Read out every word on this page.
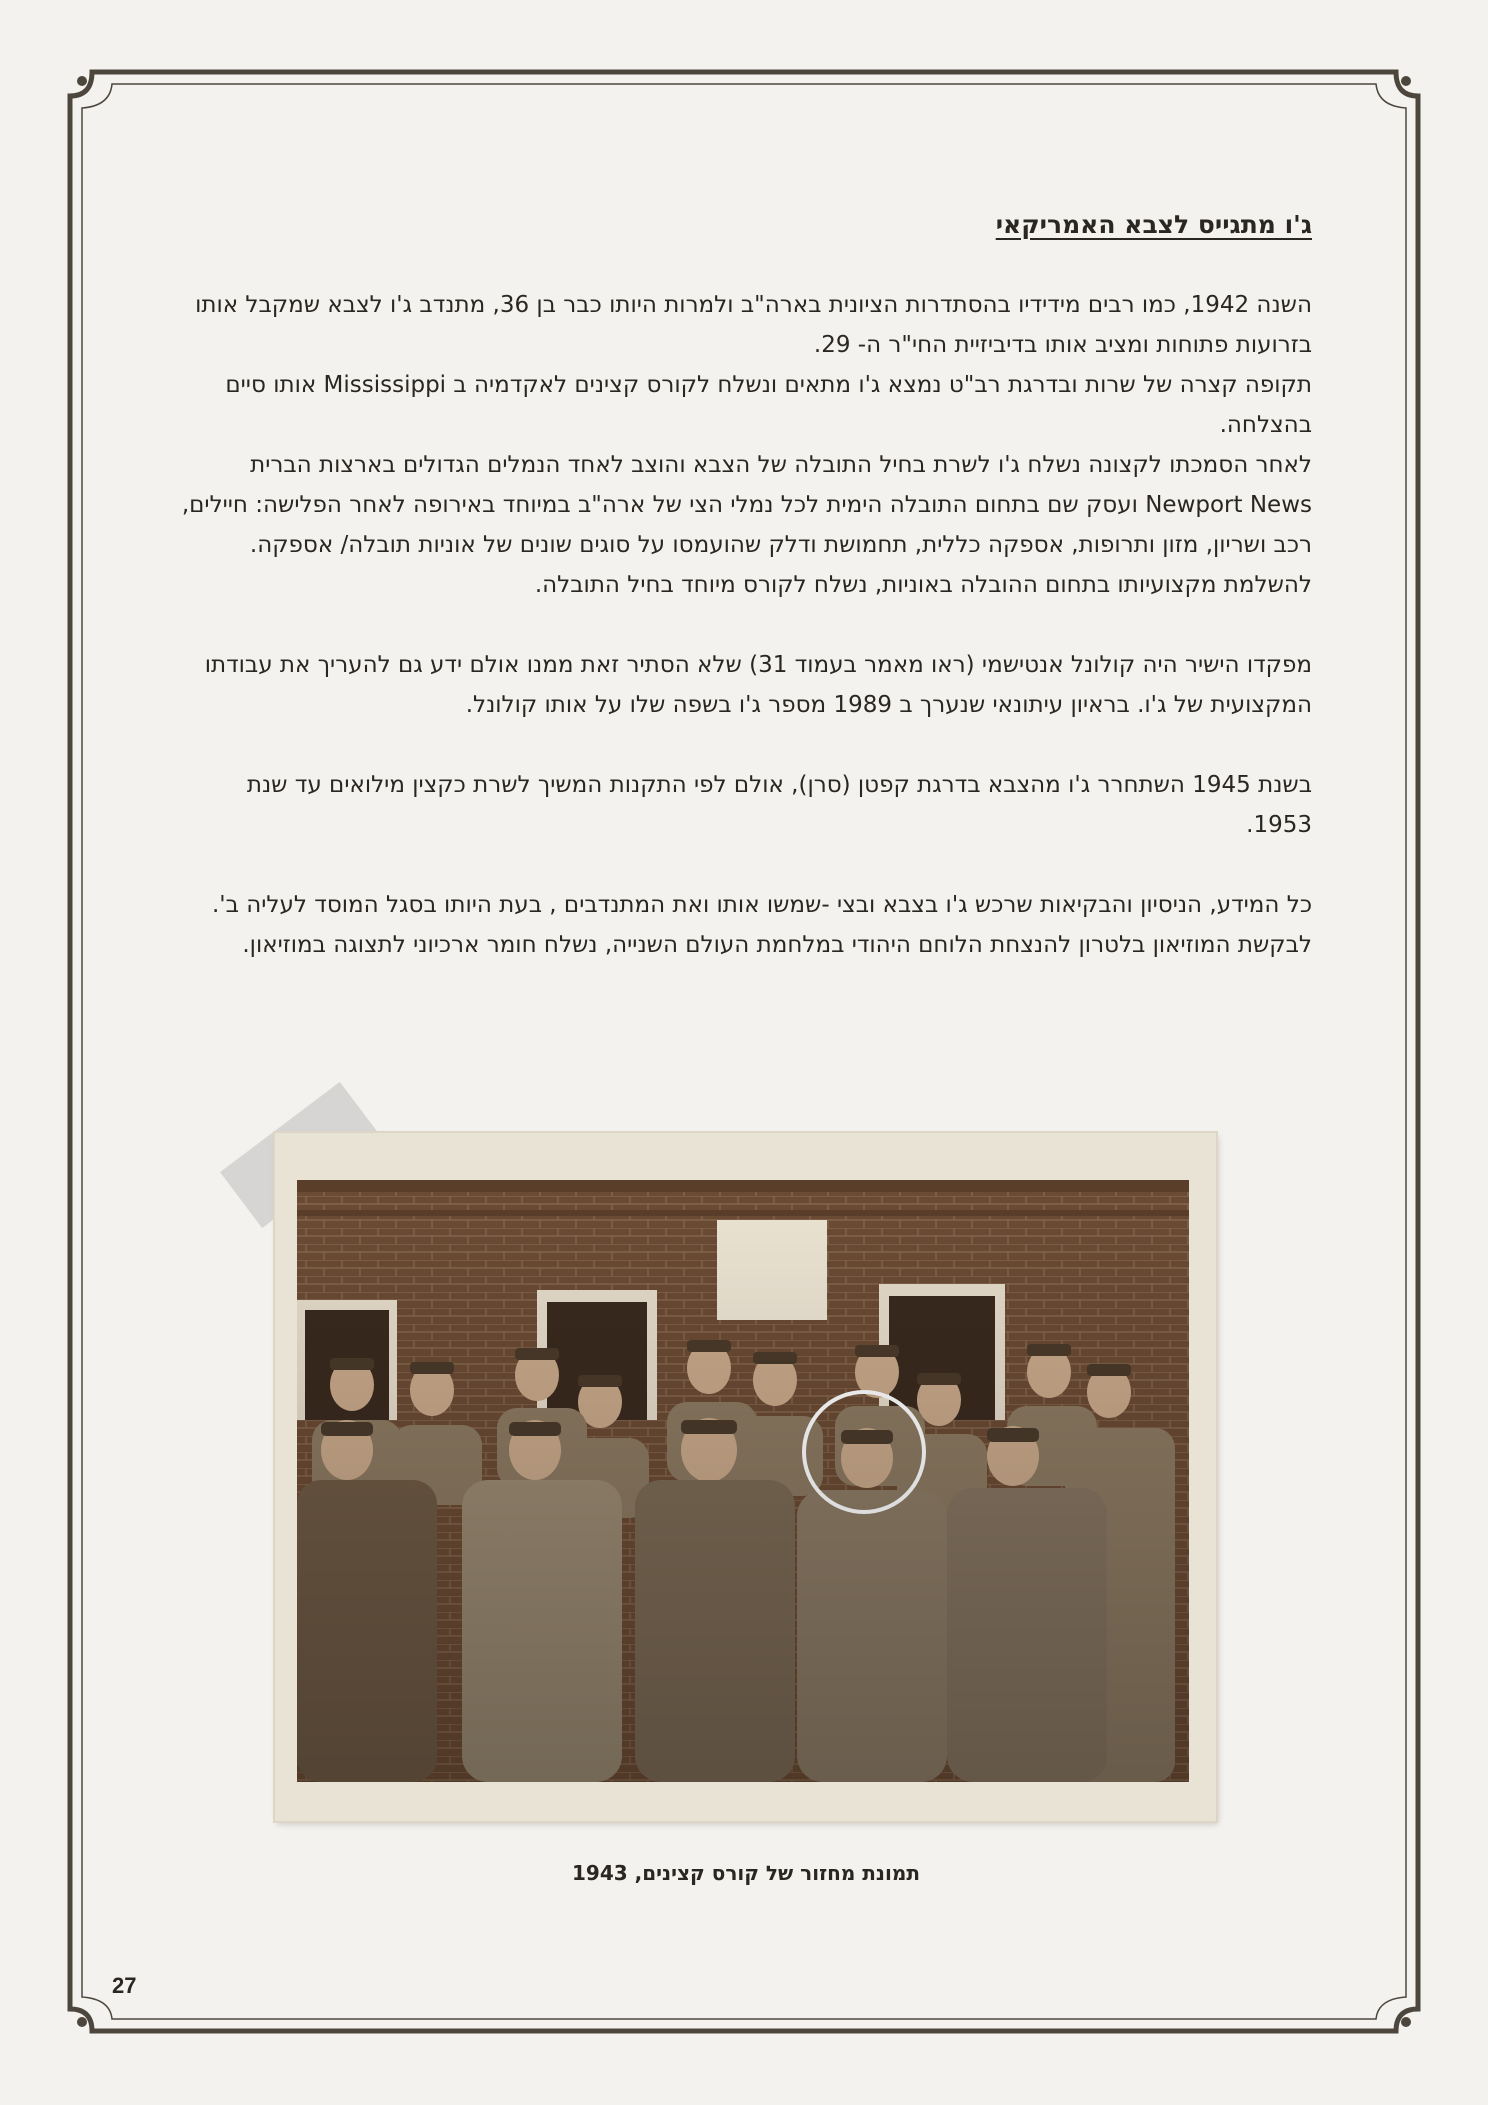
ג'ו מתגייס לצבא האמריקאי

השנה 1942, כמו רבים מידידיו בהסתדרות הציונית בארה"ב ולמרות היותו כבר בן 36, מתנדב ג'ו לצבא שמקבל אותו בזרועות פתוחות ומציב אותו בדיביזיית החי"ר ה- 29.

תקופה קצרה של שרות ובדרגת רב"ט נמצא ג'ו מתאים ונשלח לקורס קצינים לאקדמיה ב Mississippi אותו סיים בהצלחה.

לאחר הסמכתו לקצונה נשלח ג'ו לשרת בחיל התובלה של הצבא והוצב לאחד הנמלים הגדולים בארצות הברית Newport News ועסק שם בתחום התובלה הימית לכל נמלי הצי של ארה"ב במיוחד באירופה לאחר הפלישה: חיילים, רכב ושריון, מזון ותרופות, אספקה כללית, תחמושת ודלק שהועמסו על סוגים שונים של אוניות תובלה/ אספקה. להשלמת מקצועיותו בתחום ההובלה באוניות, נשלח לקורס מיוחד בחיל התובלה.

מפקדו הישיר היה קולונל אנטישמי (ראו מאמר בעמוד 31) שלא הסתיר זאת ממנו אולם ידע גם להעריך את עבודתו המקצועית של ג'ו. בראיון עיתונאי שנערך ב 1989 מספר ג'ו בשפה שלו על אותו קולונל.

בשנת 1945 השתחרר ג'ו מהצבא בדרגת קפטן (סרן), אולם לפי התקנות המשיך לשרת כקצין מילואים עד שנת 1953.

כל המידע, הניסיון והבקיאות שרכש ג'ו בצבא ובצי -שמשו אותו ואת המתנדבים , בעת היותו בסגל המוסד לעליה ב'. לבקשת המוזיאון בלטרון להנצחת הלוחם היהודי במלחמת העולם השנייה, נשלח חומר ארכיוני לתצוגה במוזיאון.

תמונת מחזור של קורס קצינים, 1943
27
